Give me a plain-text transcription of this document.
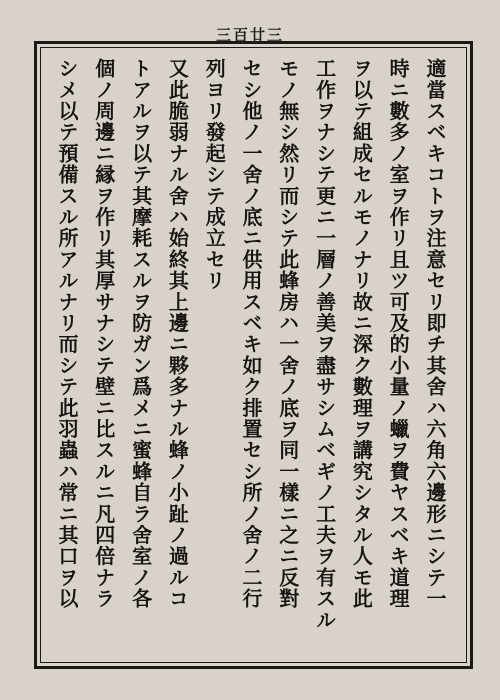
三百廿三
適當スベキコトヲ注意セリ即チ其舍ハ六角六邊形ニシテ一
時ニ數多ノ室ヲ作リ且ツ可及的小量ノ蠟ヲ費ヤスベキ道理
ヲ以テ組成セルモノナリ故ニ深ク數理ヲ講究シタル人モ此
工作ヲナシテ更ニ一層ノ善美ヲ盡サシムベギノ工夫ヲ有スル
モノ無シ然リ而シテ此蜂房ハ一舍ノ底ヲ同一樣ニ之ニ反對
セシ他ノ一舍ノ底ニ供用スベキ如ク排置セシ所ノ舍ノ二行
列ヨリ發起シテ成立セリ
又此脆弱ナル舍ハ始終其上邊ニ夥多ナル蜂ノ小趾ノ過ルコ
トアルヲ以テ其摩耗スルヲ防ガン爲メニ蜜蜂自ラ舍室ノ各
個ノ周邊ニ縁ヲ作リ其厚サナシテ壁ニ比スルニ凡四倍ナラ
シメ以テ預備スル所アルナリ而シテ此羽蟲ハ常ニ其口ヲ以
